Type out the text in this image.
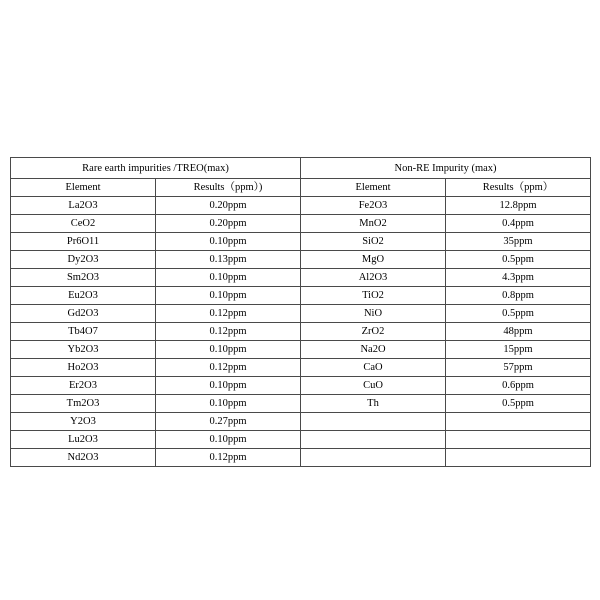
Rare earth impurities /TREO(max)		Non-RE Impurity (max)	
Element	Results（ppm）)	Element	Results（ppm）
La2O3	0.20ppm	Fe2O3	12.8ppm
CeO2	0.20ppm	MnO2	0.4ppm
Pr6O11	0.10ppm	SiO2	35ppm
Dy2O3	0.13ppm	MgO	0.5ppm
Sm2O3	0.10ppm	Al2O3	4.3ppm
Eu2O3	0.10ppm	TiO2	0.8ppm
Gd2O3	0.12ppm	NiO	0.5ppm
Tb4O7	0.12ppm	ZrO2	48ppm
Yb2O3	0.10ppm	Na2O	15ppm
Ho2O3	0.12ppm	CaO	57ppm
Er2O3	0.10ppm	CuO	0.6ppm
Tm2O3	0.10ppm	Th	0.5ppm
Y2O3	0.27ppm		
Lu2O3	0.10ppm		
Nd2O3	0.12ppm		
